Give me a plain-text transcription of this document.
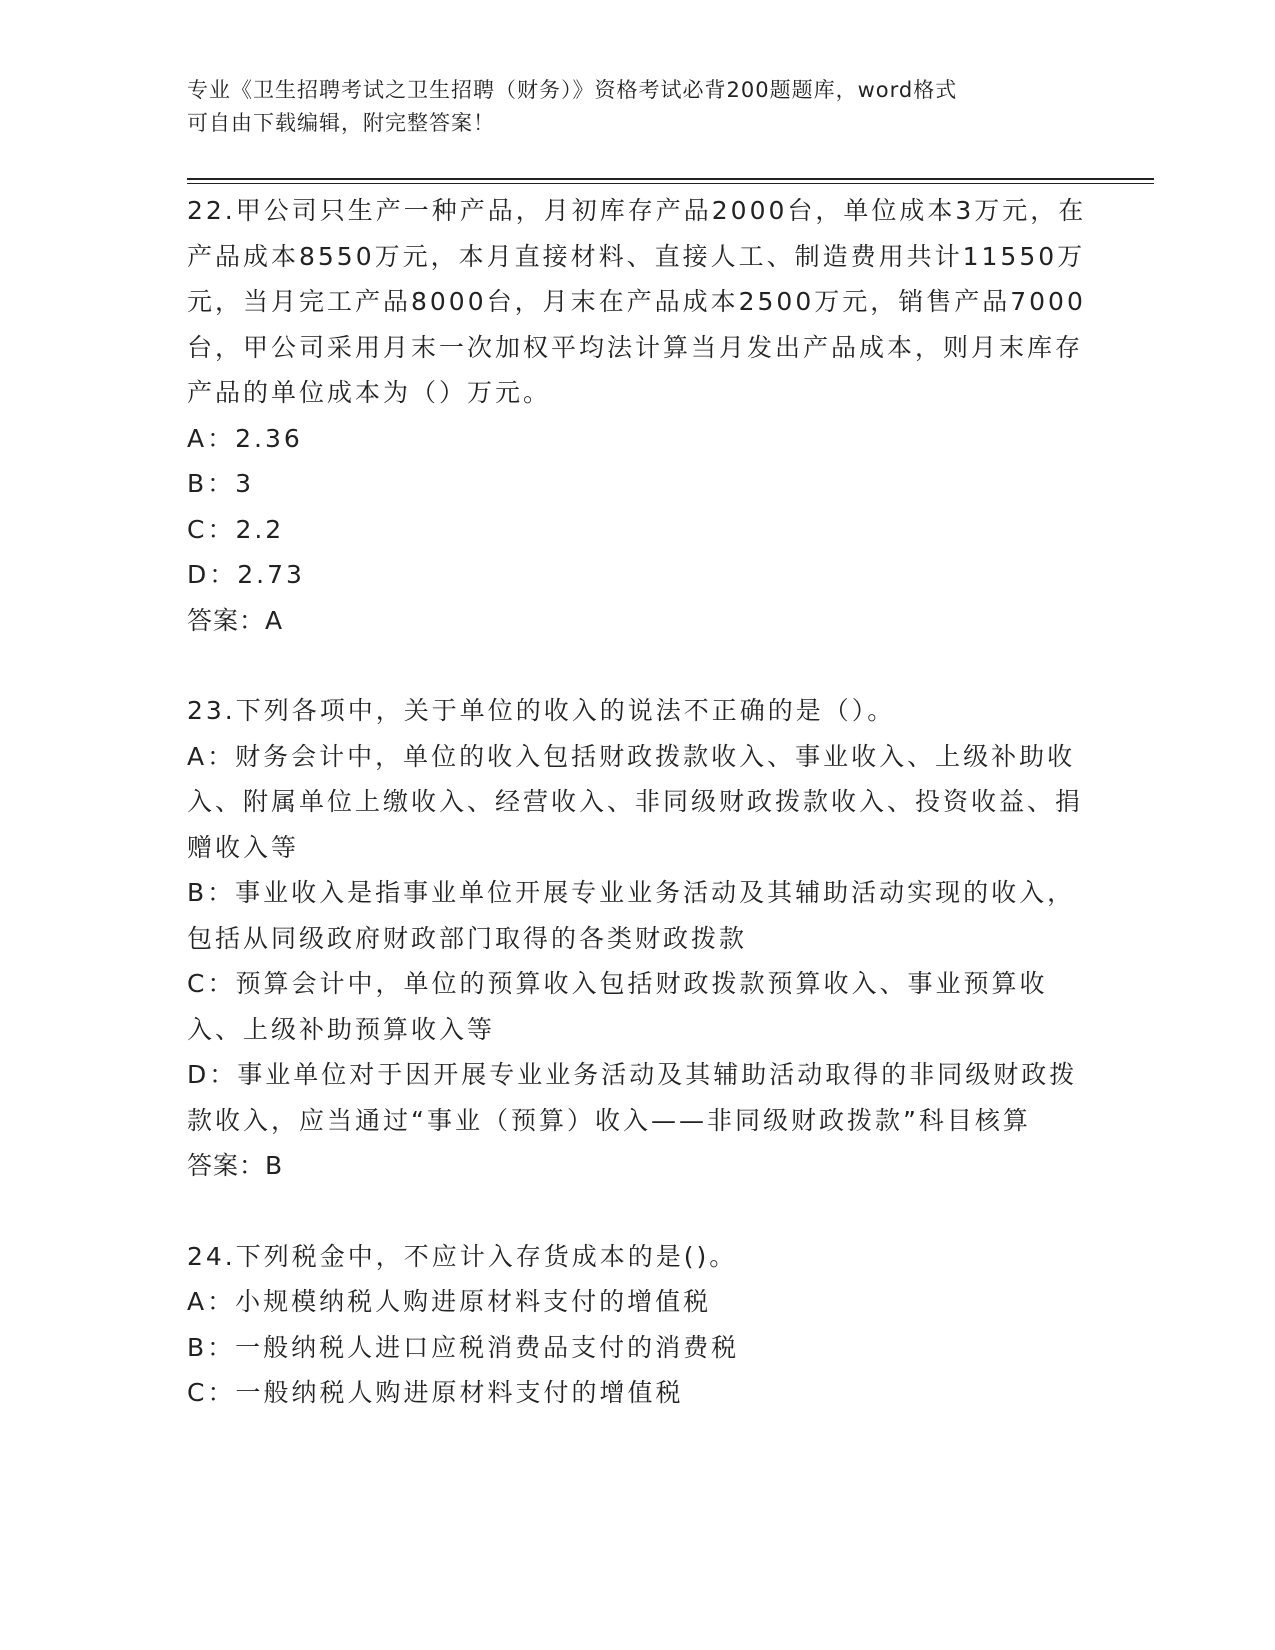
专业《卫生招聘考试之卫生招聘（财务）》资格考试必背200题题库，word格式
可自由下载编辑，附完整答案！

22.甲公司只生产一种产品，月初库存产品2000台，单位成本3万元，在产品成本8550万元，本月直接材料、直接人工、制造费用共计11550万元，当月完工产品8000台，月末在产品成本2500万元，销售产品7000台，甲公司采用月末一次加权平均法计算当月发出产品成本，则月末库存产品的单位成本为（）万元。

A：2.36

B：3

C：2.2

D：2.73

答案：A

23.下列各项中，关于单位的收入的说法不正确的是（）。

A：财务会计中，单位的收入包括财政拨款收入、事业收入、上级补助收入、附属单位上缴收入、经营收入、非同级财政拨款收入、投资收益、捐赠收入等

B：事业收入是指事业单位开展专业业务活动及其辅助活动实现的收入，包括从同级政府财政部门取得的各类财政拨款

C：预算会计中，单位的预算收入包括财政拨款预算收入、事业预算收入、上级补助预算收入等

D：事业单位对于因开展专业业务活动及其辅助活动取得的非同级财政拨款收入，应当通过“事业（预算）收入——非同级财政拨款”科目核算

答案：B

24.下列税金中，不应计入存货成本的是()。

A：小规模纳税人购进原材料支付的增值税

B：一般纳税人进口应税消费品支付的消费税

C：一般纳税人购进原材料支付的增值税
